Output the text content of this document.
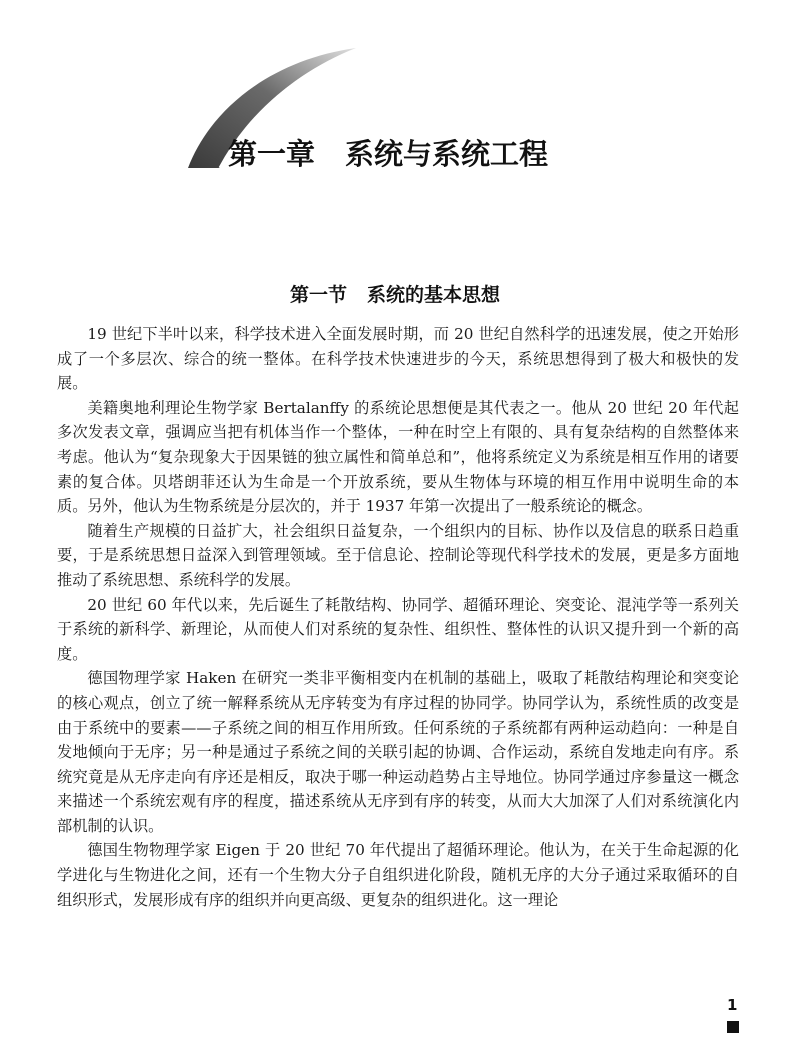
第一章 系统与系统工程
第一节 系统的基本思想

19 世纪下半叶以来，科学技术进入全面发展时期，而 20 世纪自然科学的迅速发展，使之开始形成了一个多层次、综合的统一整体。在科学技术快速进步的今天，系统思想得到了极大和极快的发展。

美籍奥地利理论生物学家 Bertalanffy 的系统论思想便是其代表之一。他从 20 世纪 20 年代起多次发表文章，强调应当把有机体当作一个整体，一种在时空上有限的、具有复杂结构的自然整体来考虑。他认为“复杂现象大于因果链的独立属性和简单总和”，他将系统定义为系统是相互作用的诸要素的复合体。贝塔朗菲还认为生命是一个开放系统，要从生物体与环境的相互作用中说明生命的本质。另外，他认为生物系统是分层次的，并于 1937 年第一次提出了一般系统论的概念。

随着生产规模的日益扩大，社会组织日益复杂，一个组织内的目标、协作以及信息的联系日趋重要，于是系统思想日益深入到管理领域。至于信息论、控制论等现代科学技术的发展，更是多方面地推动了系统思想、系统科学的发展。

20 世纪 60 年代以来，先后诞生了耗散结构、协同学、超循环理论、突变论、混沌学等一系列关于系统的新科学、新理论，从而使人们对系统的复杂性、组织性、整体性的认识又提升到一个新的高度。

德国物理学家 Haken 在研究一类非平衡相变内在机制的基础上，吸取了耗散结构理论和突变论的核心观点，创立了统一解释系统从无序转变为有序过程的协同学。协同学认为，系统性质的改变是由于系统中的要素——子系统之间的相互作用所致。任何系统的子系统都有两种运动趋向：一种是自发地倾向于无序；另一种是通过子系统之间的关联引起的协调、合作运动，系统自发地走向有序。系统究竟是从无序走向有序还是相反，取决于哪一种运动趋势占主导地位。协同学通过序参量这一概念来描述一个系统宏观有序的程度，描述系统从无序到有序的转变，从而大大加深了人们对系统演化内部机制的认识。

德国生物物理学家 Eigen 于 20 世纪 70 年代提出了超循环理论。他认为，在关于生命起源的化学进化与生物进化之间，还有一个生物大分子自组织进化阶段，随机无序的大分子通过采取循环的自组织形式，发展形成有序的组织并向更高级、更复杂的组织进化。这一理论

1
